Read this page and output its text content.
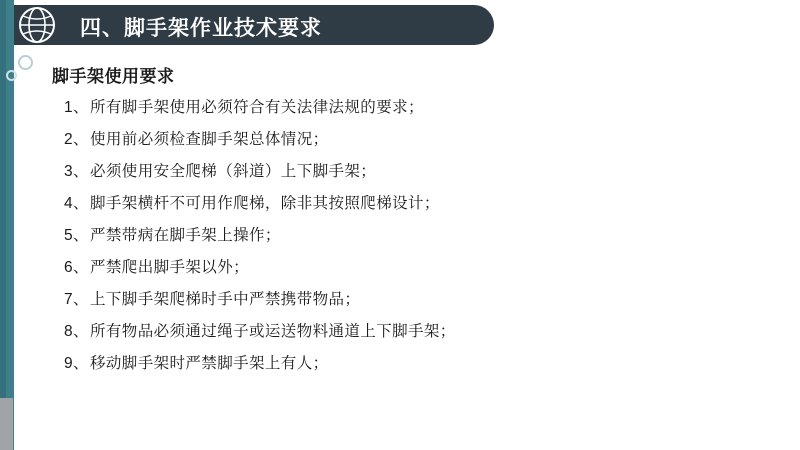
四、脚手架作业技术要求
脚手架使用要求
1、所有脚手架使用必须符合有关法律法规的要求；
2、使用前必须检查脚手架总体情况；
3、必须使用安全爬梯（斜道）上下脚手架；
4、脚手架横杆不可用作爬梯，除非其按照爬梯设计；
5、严禁带病在脚手架上操作；
6、严禁爬出脚手架以外；
7、上下脚手架爬梯时手中严禁携带物品；
8、所有物品必须通过绳子或运送物料通道上下脚手架；
9、移动脚手架时严禁脚手架上有人；
